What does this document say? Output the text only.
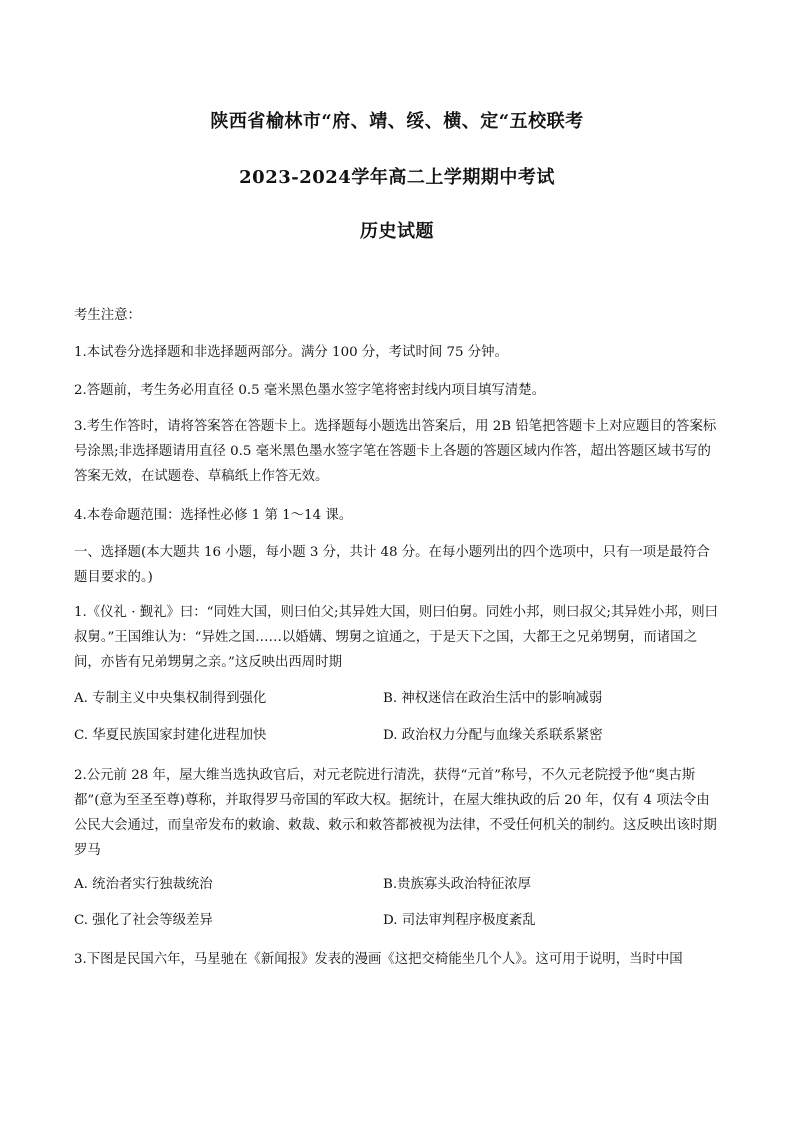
陕西省榆林市“府、靖、绥、横、定“五校联考
2023-2024学年高二上学期期中考试
历史试题
考生注意：
1.本试卷分选择题和非选择题两部分。满分 100 分，考试时间 75 分钟。
2.答题前，考生务必用直径 0.5 毫米黑色墨水签字笔将密封线内项目填写清楚。
3.考生作答时，请将答案答在答题卡上。选择题每小题选出答案后，用 2B 铅笔把答题卡上对应题目的答案标号涂黑;非选择题请用直径 0.5 毫米黑色墨水签字笔在答题卡上各题的答题区域内作答，超出答题区域书写的答案无效，在试题卷、草稿纸上作答无效。
4.本卷命题范围：选择性必修 1 第 1～14 课。
一、选择题(本大题共 16 小题，每小题 3 分，共计 48 分。在每小题列出的四个选项中，只有一项是最符合题目要求的。)
1.《仪礼 · 觐礼》曰：“同姓大国，则曰伯父;其异姓大国，则曰伯舅。同姓小邦，则曰叔父;其异姓小邦，则曰叔舅。”王国维认为：“异姓之国……以婚媾、甥舅之谊通之，于是天下之国，大都王之兄弟甥舅，而诸国之间，亦皆有兄弟甥舅之亲。”这反映出西周时期
A. 专制主义中央集权制得到强化	B. 神权迷信在政治生活中的影响减弱
C. 华夏民族国家封建化进程加快	D. 政治权力分配与血缘关系联系紧密
2.公元前 28 年，屋大维当选执政官后，对元老院进行清洗，获得“元首”称号，不久元老院授予他“奥古斯都”(意为至圣至尊)尊称，并取得罗马帝国的军政大权。据统计，在屋大维执政的后 20 年，仅有 4 项法令由公民大会通过，而皇帝发布的敕谕、敕裁、敕示和敕答都被视为法律，不受任何机关的制约。这反映出该时期罗马
A. 统治者实行独裁统治	B.贵族寡头政治特征浓厚
C. 强化了社会等级差异	D. 司法审判程序极度紊乱
3.下图是民国六年，马星驰在《新闻报》发表的漫画《这把交椅能坐几个人》。这可用于说明，当时中国
